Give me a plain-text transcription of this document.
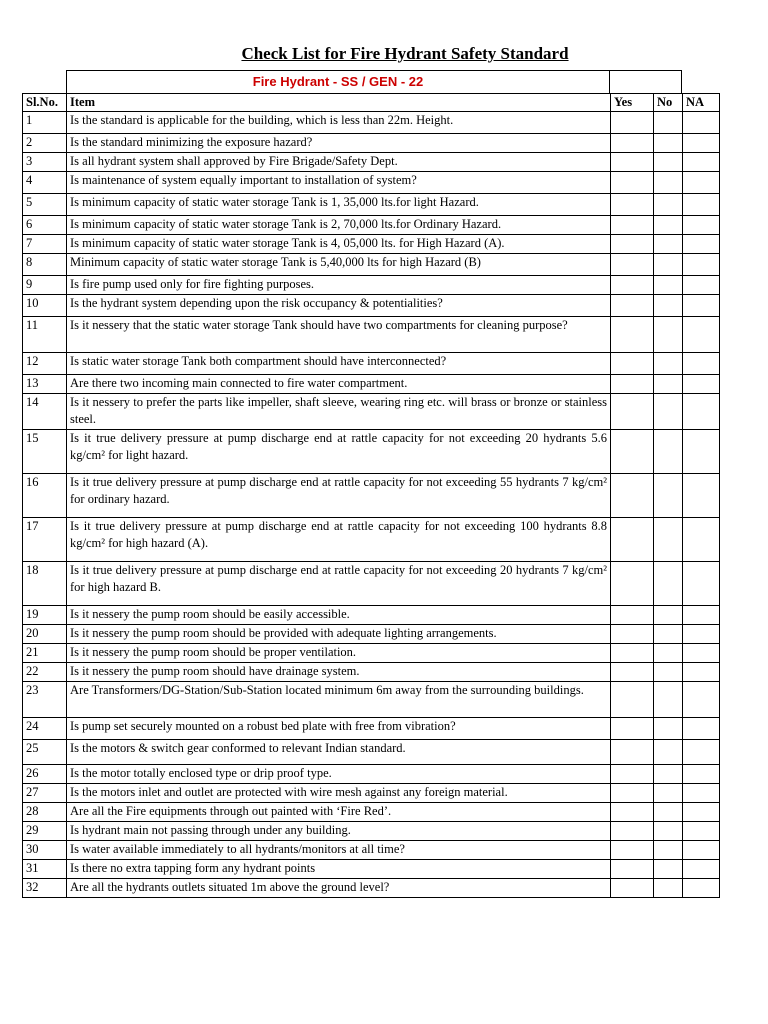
Check List for Fire Hydrant Safety Standard
Fire Hydrant - SS / GEN - 22
Sl.No.	Item	Yes	No	NA
1	Is the standard is applicable for the building, which is less than 22m. Height.			
2	Is the standard minimizing the exposure hazard?			
3	Is all hydrant system shall approved by Fire Brigade/Safety Dept.			
4	Is maintenance of system equally important to installation of system?			
5	Is minimum capacity of static water storage Tank is 1, 35,000 lts.for light Hazard.			
6	Is minimum capacity of static water storage Tank is 2, 70,000 lts.for Ordinary Hazard.			
7	Is minimum capacity of static water storage Tank is 4, 05,000 lts. for High Hazard (A).			
8	Minimum capacity of static water storage Tank is 5,40,000 lts for high Hazard (B)			
9	Is fire pump used only for fire fighting purposes.			
10	Is the hydrant system depending upon the risk occupancy & potentialities?			
11	Is it nessery that the static water storage Tank should have two compartments for cleaning purpose?			
12	Is static water storage Tank both compartment should have interconnected?			
13	Are there two incoming main connected to fire water compartment.			
14	Is it nessery to prefer the parts like impeller, shaft sleeve, wearing ring etc. will brass or bronze or stainless steel.			
15	Is it true delivery pressure at pump discharge end at rattle capacity for not exceeding 20 hydrants 5.6 kg/cm² for light hazard.			
16	Is it true delivery pressure at pump discharge end at rattle capacity for not exceeding 55 hydrants 7 kg/cm² for ordinary hazard.			
17	Is it true delivery pressure at pump discharge end at rattle capacity for not exceeding 100 hydrants 8.8 kg/cm² for high hazard (A).			
18	Is it true delivery pressure at pump discharge end at rattle capacity for not exceeding 20 hydrants 7 kg/cm² for high hazard B.			
19	Is it nessery the pump room should be easily accessible.			
20	Is it nessery the pump room should be provided with adequate lighting arrangements.			
21	Is it nessery the pump room should be proper ventilation.			
22	Is it nessery the pump room should have drainage system.			
23	Are Transformers/DG-Station/Sub-Station located minimum 6m away from the surrounding buildings.			
24	Is pump set securely mounted on a robust bed plate with free from vibration?			
25	Is the motors & switch gear conformed to relevant Indian standard.			
26	Is the motor totally enclosed type or drip proof type.			
27	Is the motors inlet and outlet are protected with wire mesh against any foreign material.			
28	Are all the Fire equipments through out painted with ‘Fire Red’.			
29	Is hydrant main not passing through under any building.			
30	Is water available immediately to all hydrants/monitors at all time?			
31	Is there no extra tapping form any hydrant points			
32	Are all the hydrants outlets situated 1m above the ground level?			
